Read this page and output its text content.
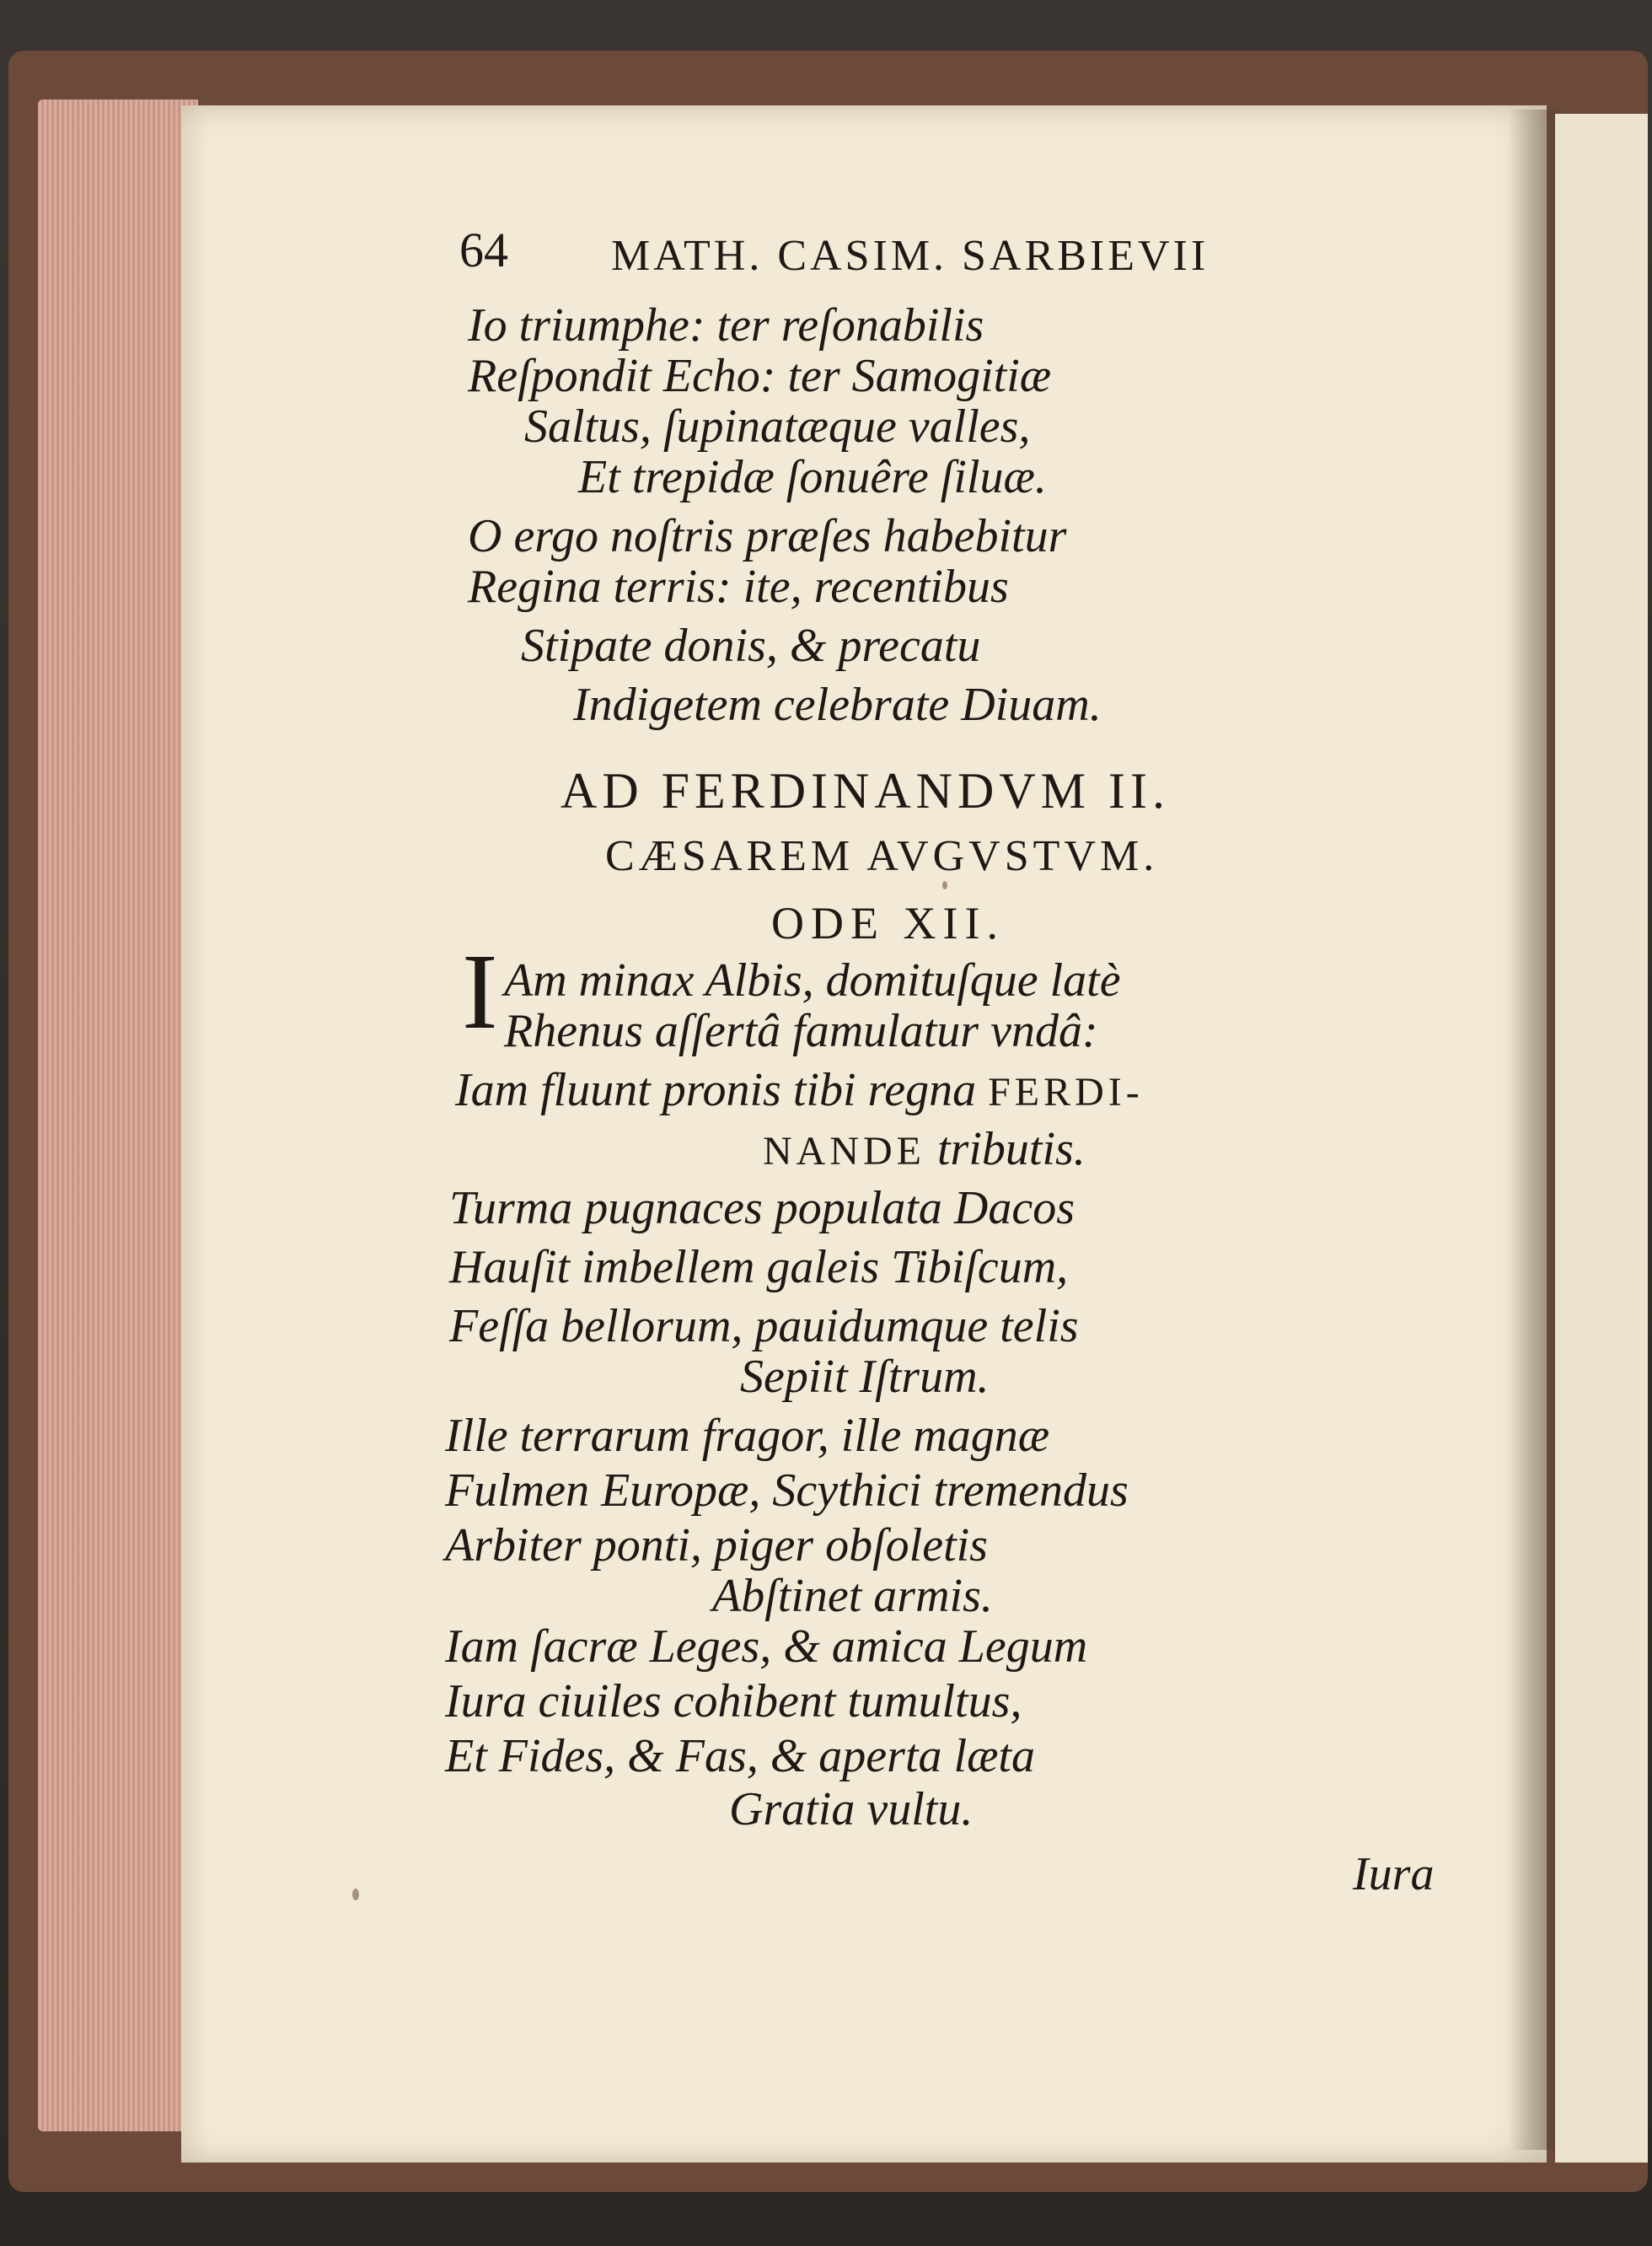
64 MATH. CASIM. SARBIEVII
Io triumphe: ter reſonabilis
Reſpondit Echo: ter Samogitiæ
Saltus, ſupinatæque valles,
Et trepidæ ſonuêre ſiluæ.
O ergo noſtris præſes habebitur
Regina terris: ite, recentibus
Stipate donis, & precatu
Indigetem celebrate Diuam.
AD FERDINANDVM II.
CÆSAREM AVGVSTVM.
ODE XII.
I Am minax Albis, domituſque latè
Rhenus aſſertâ famulatur vndâ:
Iam fluunt pronis tibi regna FERDI-
NANDE tributis.
Turma pugnaces populata Dacos
Hauſit imbellem galeis Tibiſcum,
Feſſa bellorum, pauidumque telis
Sepiit Iſtrum.
Ille terrarum fragor, ille magnæ
Fulmen Europæ, Scythici tremendus
Arbiter ponti, piger obſoletis
Abſtinet armis.
Iam ſacræ Leges, & amica Legum
Iura ciuiles cohibent tumultus,
Et Fides, & Fas, & aperta læta
Gratia vultu.
Iura
